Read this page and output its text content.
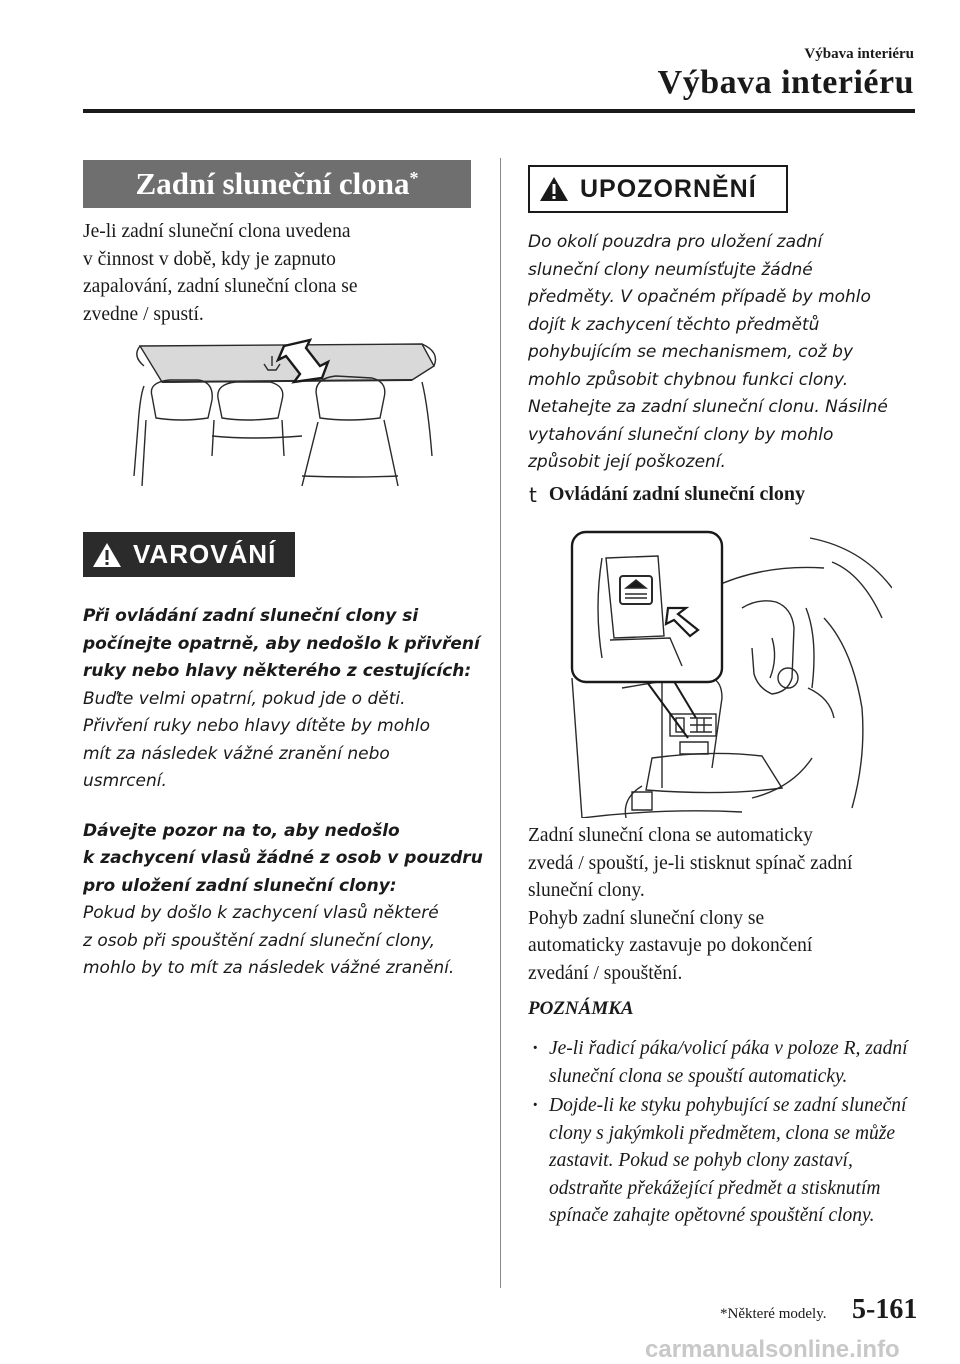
Výbava interiéru
Výbava interiéru
Zadní sluneční clona*

Je-li zadní sluneční clona uvedena

v činnost v době, kdy je zapnuto

zapalování, zadní sluneční clona se

zvedne / spustí.

VAROVÁNÍ

Při ovládání zadní sluneční clony si

počínejte opatrně, aby nedošlo k přivření

ruky nebo hlavy některého z cestujících:

Buďte velmi opatrní, pokud jde o děti.

Přivření ruky nebo hlavy dítěte by mohlo

mít za následek vážné zranění nebo

usmrcení.

Dávejte pozor na to, aby nedošlo

k zachycení vlasů žádné z osob v pouzdru

pro uložení zadní sluneční clony:

Pokud by došlo k zachycení vlasů některé

z osob při spouštění zadní sluneční clony,

mohlo by to mít za následek vážné zranění.

UPOZORNĚNÍ

Do okolí pouzdra pro uložení zadní

sluneční clony neumísťujte žádné

předměty. V opačném případě by mohlo

dojít k zachycení těchto předmětů

pohybujícím se mechanismem, což by

mohlo způsobit chybnou funkci clony.

Netahejte za zadní sluneční clonu. Násilné

vytahování sluneční clony by mohlo

způsobit její poškození.

t Ovládání zadní sluneční clony

Zadní sluneční clona se automaticky

zvedá / spouští, je-li stisknut spínač zadní

sluneční clony.

Pohyb zadní sluneční clony se

automaticky zastavuje po dokončení

zvedání / spouštění.

POZNÁMKA
· Je-li řadicí páka/volicí páka v poloze R, zadní sluneční clona se spouští automaticky.
· Dojde-li ke styku pohybující se zadní sluneční clony s jakýmkoli předmětem, clona se může zastavit. Pokud se pohyb clony zastaví, odstraňte překážející předmět a stisknutím spínače zahajte opětovné spouštění clony.
*Některé modely. 5-161
carmanualsonline.info
